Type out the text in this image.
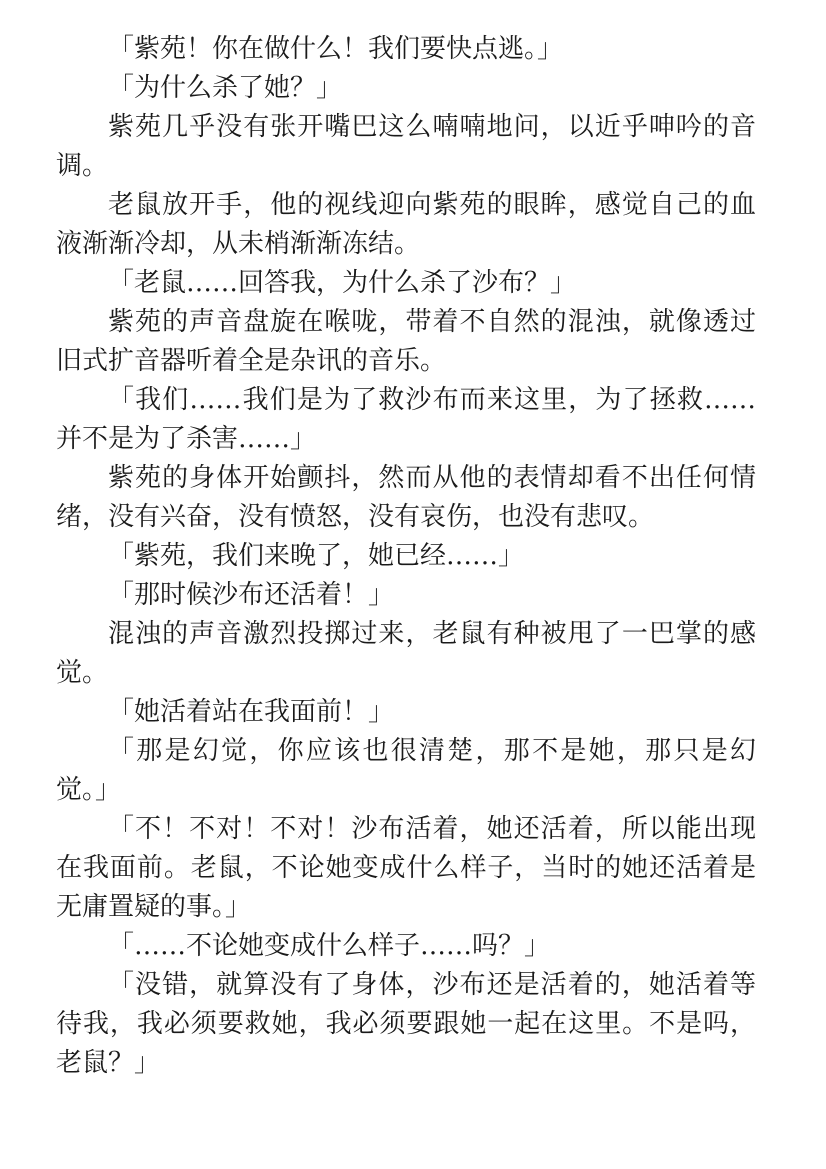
「紫苑！你在做什么！我们要快点逃。」

「为什么杀了她？」

紫苑几乎没有张开嘴巴这么喃喃地问，以近乎呻吟的音调。

老鼠放开手，他的视线迎向紫苑的眼眸，感觉自己的血液渐渐冷却，从未梢渐渐冻结。

「老鼠……回答我，为什么杀了沙布？」

紫苑的声音盘旋在喉咙，带着不自然的混浊，就像透过旧式扩音器听着全是杂讯的音乐。

「我们……我们是为了救沙布而来这里，为了拯救……并不是为了杀害……」

紫苑的身体开始颤抖，然而从他的表情却看不出任何情绪，没有兴奋，没有愤怒，没有哀伤，也没有悲叹。

「紫苑，我们来晚了，她已经……」

「那时候沙布还活着！」

混浊的声音激烈投掷过来，老鼠有种被甩了一巴掌的感觉。

「她活着站在我面前！」

「那是幻觉，你应该也很清楚，那不是她，那只是幻觉。」

「不！不对！不对！沙布活着，她还活着，所以能出现在我面前。老鼠，不论她变成什么样子，当时的她还活着是无庸置疑的事。」

「……不论她变成什么样子……吗？」

「没错，就算没有了身体，沙布还是活着的，她活着等待我，我必须要救她，我必须要跟她一起在这里。不是吗，老鼠？」
